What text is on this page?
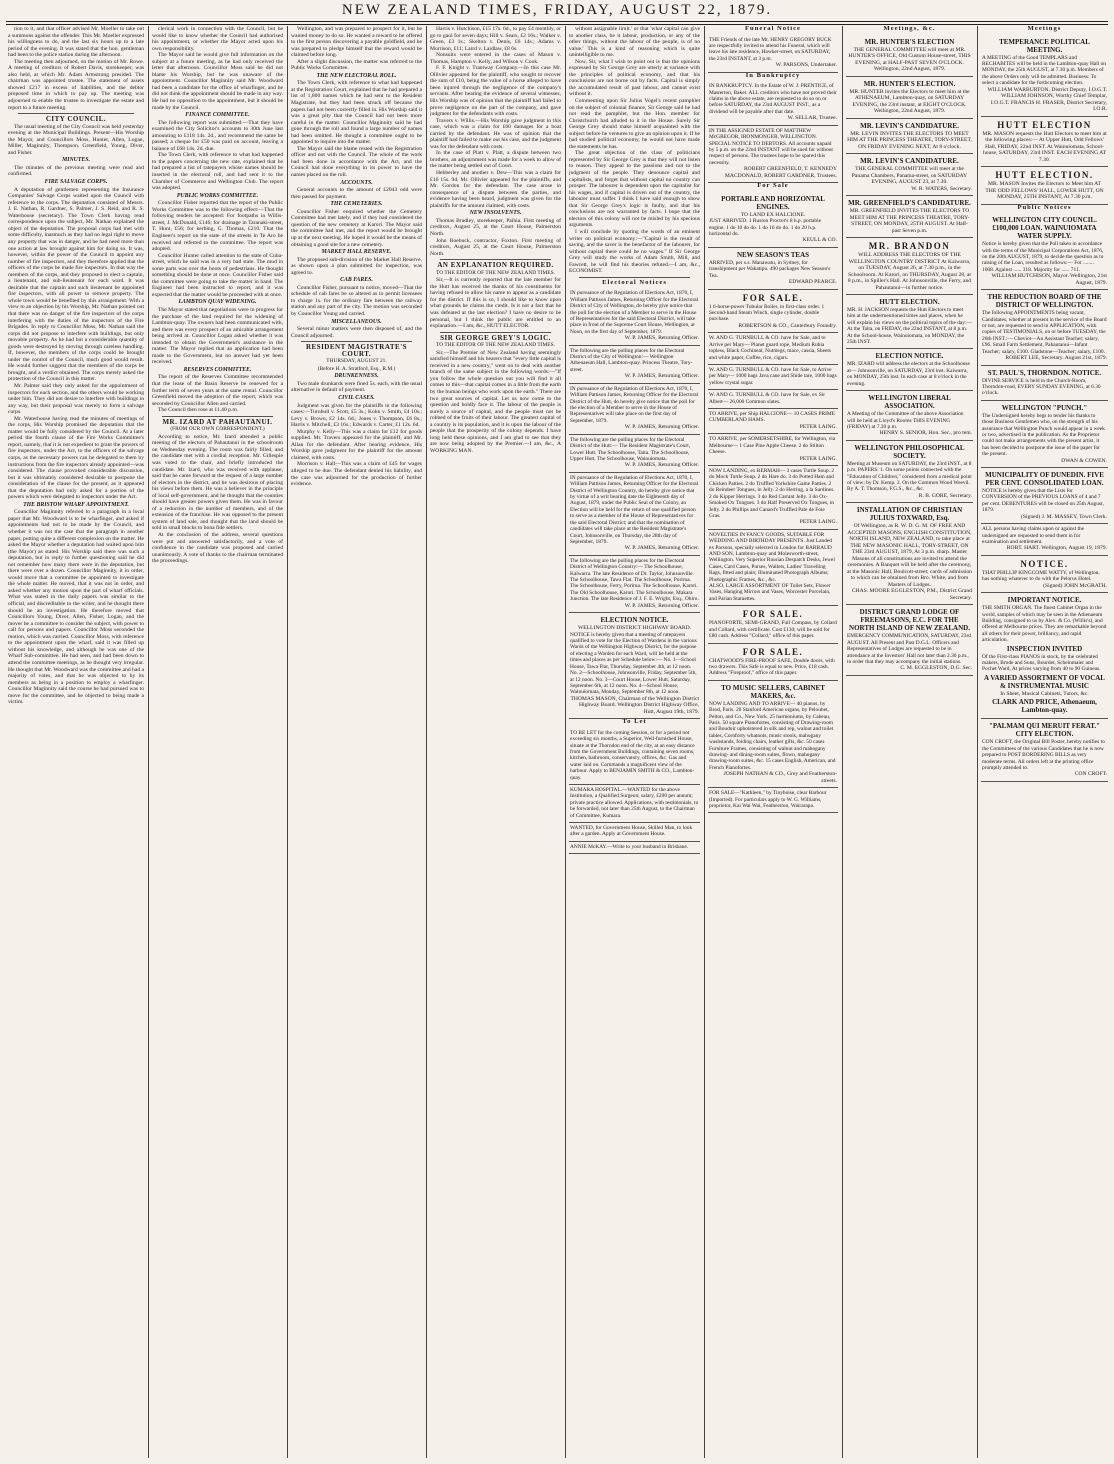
NEW ZEALAND TIMES, FRIDAY, AUGUST 22, 1879.

tion to it, and that officer advised Mr. Moeller to take out a summons against the offender. This Mr. Moeller expressed his willingness to do, and the last six hours up to a late period of the evening. It was stated that the hon. gentleman had been to the police station during the afternoon.

The meeting then adjourned, on the motion of Mr. Rowe. A meeting of creditors of Robert Davis, storekeeper, was also held, at which Mr. Adam Armstrong presided. The chairman was appointed trustee. The statement of assets showed £217 in excess of liabilities, and the debtor proposed time in which to pay up. The meeting was adjourned to enable the trustee to investigate the estate and report to a future meeting.

CITY COUNCIL.

The usual meeting of the City Council was held yesterday evening at the Municipal Buildings. Present—His Worship the Mayor, and Councillors Moss, Hunter, Allen, Logan, Miller, Maginnity, Thompson, Greenfield, Young, Diver, and Fisher.

MINUTES.

The minutes of the previous meeting were read and confirmed.

FIRE SALVAGE CORPS.

A deputation of gentlemen representing the Insurance Companies' Salvage Corps waited upon the Council with reference to the corps. The deputation consisted of Messrs. J. E. Nathan, R. Gardner, S. Palmer, J. S. Reid, and R. S. Waterhouse (secretary). The Town Clerk having read correspondence upon the subject, Mr. Nathan explained the object of the deputation. The proposal corps had met with some difficulty, inasmuch as they had no legal right to move any property that was in danger, and he had need more than one action at law brought against him for doing so. It was, however, within the power of the Council to appoint any number of fire inspectors, and they therefore applied that the officers of the corps be made fire inspectors. In that way the members of the corps, and they proposed to elect a captain, a lieutenant, and sub-lieutenant for each ward. It was desirable that the captain and such lieutenant be appointed fire inspectors, with all power to remove property. The whole town would be benefited by this arrangement. With a view to an objection by his Worship, Mr. Nathan pointed out that there was no danger of the fire inspectors of the corps interfering with the duties of the inspectors of the Fire Brigades. In reply to Councillor Moss, Mr. Nathan said the corps did not propose to interfere with buildings, but only movable property. As he had but a considerable quantity of goods were destroyed by moving through careless handling. If, however, the members of the corps could be brought under the control of the Council, much good would result. He would further suggest that the members of the corps be brought, and a verdict obtained. The corps merely asked the protection of the Council in this matter.

Mr. Palmer said they only asked for the appointment of inspectors for each section, and the others would be working under him. They did not desire to interfere with buildings in any way, but their proposal was merely to form a salvage corps.

Mr. Waterhouse having read the minutes of meetings of the corps, His Worship promised the deputation that the matter would be fully considered by the Council. At a later period the fourth clause of the Fire Works Committee's report, namely, that it is not expedient to grant the powers of fire inspectors, under the Act, to the officers of the salvage corps, as the necessary powers can be delegated to them by instructions from the fire inspectors already appointed—was considered. The clause provoked considerable discussion, but it was ultimately considered desirable to postpone the consideration of the clause for the present, as it appeared that the deputation had only asked for a portion of the powers which were delegated to inspectors under the Act.

THE BRISTOW WHARF APPOINTMENT.

Councillor Maginnity referred to a paragraph in a local paper that Mr. Woodward is to be wharfinger, and asked if appointments had not to be made by the Council, and whether it was not the case that the paragraph in another paper, putting quite a different complexion on the matter. He asked the Mayor whether a deputation had waited upon him (the Mayor) as stated. His Worship said there was such a deputation, but in reply to further questioning said he did not remember how many there were in the deputation, but there were over a dozen. Councillor Maginnity, it in order, would move that a committee be appointed to investigate the whole matter. He moved, that it was not in order, and asked whether any motion upon the part of wharf officials. What was stated in the daily papers was similar to the official, and discreditable to the writer, and he thought there should be an investigation. He therefore moved that Councillors Young, Diver, Allen, Fisher, Logan, and the mover be a committee to consider the subject, with power to call for persons and papers. Councillor Moss seconded the motion, which was carried. Councillor Moss, with reference to the appointment upon the wharf, said it was filled up without his knowledge, and although he was one of the Wharf Sub-committee. He had seen, and had been down to attend the committee meetings, as he thought very irregular. He thought that Mr. Woodward was the committee and had a majority of votes, and that he was objected to by its members as being in a position to employ a wharfinger. Councillor Maginnity said the course he had pursued was to move for the committee, and he objected to being made a victim.

clerical work in connection with the Council, but he would like to know whether the Council had authorised his appointment, or whether the Mayor acted upon his own responsibility.

The Mayor said he would give full information on the subject at a future meeting, as he had only received the letter that afternoon. Councillor Moss said he did not blame his Worship, but he was unaware of the appointment. Councillor Maginnity said Mr. Woodward had been a candidate for the office of wharfinger, and he did not think the appointment should be made in any way. He had no opposition to the appointment, but it should be made by the Council.

FINANCE COMMITTEE.

The following report was submitted:—That they have examined the City Solicitor's accounts to 30th June last amounting to £118 14s. 2d., and recommend the same be passed; a cheque for £50 was paid on account, leaving a balance of £68 14s. 2d. due.

The Town Clerk, with reference to what had happened to the papers concerning the new rate, explained that he had prepared a list of ratepayers whose names should be inserted in the electoral roll, and had sent it to the Chamber of Commerce and Wellington Club. The report was adopted.

PUBLIC WORKS COMMITTEE.

Councillor Fisher reported that the report of the Public Works Committee was to the following effect:—That the following tenders be accepted: For footpaths in Willis-street, J. McDonald, £146; for drainage in Taranaki-street, T. Hunt, £56; for kerbing, G. Thomas, £210. That the Engineer's report on the state of the streets in Te Aro be received and referred to the committee. The report was adopted.

Councillor Hunter called attention to the state of Cuba-street, which he said was in a very bad state. The mud in some parts was over the boots of pedestrians. He thought something should be done at once. Councillor Fisher said the committee were going to take the matter in hand. The Engineer had been instructed to report, and it was expected that the matter would be proceeded with at once.

LAMBTON QUAY WIDENING.

The Mayor stated that negotiations were in progress for the purchase of the land required for the widening of Lambton-quay. The owners had been communicated with, and there was every prospect of an amicable arrangement being arrived at. Councillor Logan asked whether it was intended to obtain the Government's assistance in the matter. The Mayor replied that an application had been made to the Government, but no answer had yet been received.

RESERVES COMMITTEE.

The report of the Reserves Committee recommended that the lease of the Basin Reserve be renewed for a further term of seven years at the same rental. Councillor Greenfield moved the adoption of the report, which was seconded by Councillor Allen and carried.

The Council then rose at 11.40 p.m.

MR. IZARD AT PAHAUTANUI.
(FROM OUR OWN CORRESPONDENT.)

According to notice, Mr. Izard attended a public meeting of the electors of Pahautanui in the schoolroom on Wednesday evening. The room was fairly filled, and the candidate met with a cordial reception. Mr. Gillespie was voted to the chair, and briefly introduced the candidate. Mr. Izard, who was received with applause, said that he came forward at the request of a large number of electors in the district, and he was desirous of placing his views before them. He was a believer in the principle of local self-government, and he thought that the counties should have greater powers given them. He was in favour of a reduction in the number of members, and of the extension of the franchise. He was opposed to the present system of land sale, and thought that the land should be sold in small blocks to bona fide settlers.

At the conclusion of the address, several questions were put and answered satisfactorily, and a vote of confidence in the candidate was proposed and carried unanimously. A vote of thanks to the chairman terminated the proceedings.

Wellington, and was prepared to prospect for it, but he wanted money to do so. He wanted a reward to be offered to the first person discovering a payable goldfield, and he was prepared to pledge himself that the reward would be claimed before long.

After a slight discussion, the matter was referred to the Public Works Committee.

THE NEW ELECTORAL ROLL.

The Town Clerk, with reference to what had happened at the Registration Court, explained that he had prepared a list of 1,800 names which he had sent to the Resident Magistrate, but they had been struck off because the papers had not been correctly filled in. His Worship said it was a great pity that the Council had not been more careful in the matter. Councillor Maginnity said he had gone through the roll and found a large number of names had been omitted. He thought a committee ought to be appointed to inquire into the matter.

The Mayor said the blame rested with the Registration officer and not with the Council. The whole of the work had been done in accordance with the Act, and the Council had done everything in its power to have the names placed on the roll.

ACCOUNTS.

General accounts to the amount of £2043 odd were then passed for payment.

THE CEMETERIES.

Councillor Fisher enquired whether the Cemetery Committee had met lately, and if they had considered the question of the new cemetery at Karori. The Mayor said the committee had met, and the report would be brought up at the next meeting. He hoped it would be the means of obtaining a good site for a new cemetery.

MARKET HALL RESERVE.

The proposed sub-division of the Market Hall Reserve, as shown upon a plan submitted for inspection, was agreed to.

CAB FARES.

Councillor Fisher, pursuant to notice, moved—That the schedule of cab fares be so altered as to permit licensees to charge 1s. for the ordinary fare between the railway station and any part of the city. The motion was seconded by Councillor Young and carried.

MISCELLANEOUS.

Several minor matters were then disposed of, and the Council adjourned.

RESIDENT MAGISTRATE'S COURT.
THURSDAY, AUGUST 21.
(Before H. A. Stratford, Esq., R.M.)
DRUNKENNESS.

Two male drunkards were fined 5s. each, with the usual alternative in default of payment.

CIVIL CASES.

Judgment was given for the plaintiffs in the following cases:—Turnbull v. Scott, £5 3s.; Kohn v. Smith, £4 10s.; Levy v. Brown, £2 14s. 6d.; Jones v. Thompson, £6 8s.; Harris v. Mitchell, £3 16s.; Edwards v. Carter, £1 12s. 6d.

Murphy v. Kelly—This was a claim for £12 for goods supplied. Mr. Travers appeared for the plaintiff, and Mr. Allan for the defendant. After hearing evidence, His Worship gave judgment for the plaintiff for the amount claimed, with costs.

Morrison v. Hall—This was a claim of £45 for wages alleged to be due. The defendant denied his liability, and the case was adjourned for the production of further evidence.

Harris v. Hutchison, £15 17s. 6d., to pay £4 monthly, or go to gaol for seven days; Hill v. Sears, £2 16s.; Walker v. Green, £3 1s.; Skelton v. Denis, £6 14s.; Adams v. Morrison, £11; Laird v. Laidlaw, £8 6s.

Nonsuits were entered in the cases of Mason v. Thomas, Hampton v. Kelly, and Wilson v. Cook.

F. F. Knight v. Tramway Company.—In this case Mr. Ollivier appeared for the plaintiff, who sought to recover the sum of £10, being the value of a horse alleged to have been injured through the negligence of the company's servants. After hearing the evidence of several witnesses, His Worship was of opinion that the plaintiff had failed to prove negligence on the part of the company, and gave judgment for the defendants with costs.

Travers v. Willis.—His Worship gave judgment in this case, which was a claim for £60 damages for a boat carried by the defendant. He was of opinion that the plaintiff had failed to make out his case, and the judgment was for the defendant with costs.

In the case of Platt v. Platt, a dispute between two brothers, an adjournment was made for a week to allow of the matter being settled out of Court.

Hebberley and another v. Dew—This was a claim for £16 15s. 9d. Mr. Ollivier appeared for the plaintiffs, and Mr. Gordon for the defendant. The case arose in consequence of a dispute between the parties, and evidence having been heard, judgment was given for the plaintiffs for the amount claimed, with costs.

NEW INSOLVENTS.

Thomas Bradley, storekeeper, Paihia. First meeting of creditors, August 25, at the Court House, Palmerston North.

John Roebuck, contractor, Foxton. First meeting of creditors, August 25, at the Court House, Palmerston North.

AN EXPLANATION REQUIRED.
TO THE EDITOR OF THE NEW ZEALAND TIMES.

Sir,—It is currently reported that the late member for the Hutt has received the thanks of his constituents for having refused to allow his name to appear as a candidate for the district. If this is so, I should like to know upon what grounds he claims the credit. Is it not a fact that he was defeated at the last election? I have no desire to be personal, but I think the public are entitled to an explanation.—I am, &c., HUTT ELECTOR.

SIR GEORGE GREY'S LOGIC.
TO THE EDITOR OF THE NEW ZEALAND TIMES.

Sir,—The Premier of New Zealand having seemingly satisfied himself and his hearers that "every little capital is received in a new country," went on to deal with another branch of the same subject in the following words:—"If you follow the whole question out you will find it all comes to this—that capital comes in a little from the earth by the human beings who work upon the earth." There are two great sources of capital. Let us now come to the question and boldly face it. The labour of the people is surely a source of capital, and the people must not be robbed of the fruits of their labour. The greatest capital of a country is its population, and it is upon the labour of the people that the prosperity of the colony depends. I have long held these opinions, and I am glad to see that they are now being adopted by the Premier.—I am, &c., A WORKING MAN.

without assignable limit.' or that 'what capital can give to another class, be it labour, production, or any of the other things, without the labour of the people, is of no value.' This is a kind of reasoning which is quite unintelligible to me.

Now, Sir, what I wish to point out is that the opinions expressed by Sir George Grey are utterly at variance with the principles of political economy, and that his conclusions are not borne out by facts. Capital is simply the accumulated result of past labour, and cannot exist without it.

Commenting upon Sir Julius Vogel's recent pamphlet on the subject of colonial finance, Sir George said he had not read the pamphlet, but the Hon. member for Christchurch had alluded to it in the House. Surely Sir George Grey should make himself acquainted with the subject before he ventures to give an opinion upon it. If he had studied political economy, he would not have made the statements he has.

The great objection of the class of politicians represented by Sir George Grey is that they will not listen to reason. They appeal to the passions and not to the judgment of the people. They denounce capital and capitalists, and forget that without capital no country can prosper. The labourer is dependent upon the capitalist for his wages, and if capital is driven out of the country, the labourer must suffer. I think I have said enough to show that Sir George Grey's logic is faulty, and that his conclusions are not warranted by facts. I hope that the electors of this colony will not be misled by his specious arguments.

I will conclude by quoting the words of an eminent writer on political economy:—"Capital is the result of saving, and the saver is the benefactor of the labourer, for without capital there could be no wages." If Sir George Grey will study the works of Adam Smith, Mill, and Fawcett, he will find his theories refuted.—I am, &c., ECONOMIST.

Electoral Notices
IN pursuance of the Regulation of Elections Act, 1870, I, William Pattison James, Returning Officer for the Electoral District of City of Wellington, do hereby give notice that the poll for the election of a Member to serve in the House of Representatives for the said Electoral District, will take place in front of the Supreme Court House, Wellington, at Noon, on the first day of September, 1879.
W. P. JAMES, Returning Officer.
The following are the polling places for the Electoral District of the City of Wellington:— Wellington Athenaeum Hall, Lambton-quay. Princess Theatre, Tory-street.
W. P. JAMES, Returning Officer.
IN pursuance of the Regulation of Elections Act, 1870, I, William Pattison James, Returning Officer for the Electoral District of the Hutt, do hereby give notice that the poll for the election of a Member to serve in the House of Representatives will take place on the first day of September, 1879.
W. P. JAMES, Returning Officer.
The following are the polling places for the Electoral District of the Hutt:— The Resident Magistrate's Court, Lower Hutt. The Schoolhouse, Taita. The Schoolhouse, Upper Hutt. The Schoolhouse, Wainuiomata.
W. P. JAMES, Returning Officer.
IN pursuance of the Regulation of Elections Act, 1870, I, William Pattison James, Returning Officer for the Electoral District of Wellington Country, do hereby give notice that by virtue of a writ bearing date the Eighteenth day of August, 1879, under the Public Seal of the Colony, an Election will be held for the return of one qualified person to serve as a member of the House of Representatives for the said Electoral District; and that the nomination of candidates will take place at the Resident Magistrate's Court, Johnsonville, on Thursday, the 28th day of September, 1879.
W. P. JAMES, Returning Officer.
The following are the polling places for the Electoral District of Wellington Country:— The Schoolhouse, Kaiwarra. The late Residence of Dr. Taylor, Johnsonville. The Schoolhouse, Tawa Flat. The Schoolhouse, Porirua. The Schoolhouse, Ferry, Porirua. The Schoolhouse, Karori. The Old Schoolhouse, Karori. The Schoolhouse, Makara Junction. The late Residence of J. F. E. Wright, Esq., Ohiro.
W. P. JAMES, Returning Officer.
ELECTION NOTICE.
WELLINGTON DISTRICT HIGHWAY BOARD.
NOTICE is hereby given that a meeting of ratepayers qualified to vote for the Election of Wardens in the various Wards of the Wellington Highway District, for the purpose of electing a Warden for each Ward, will be held at the times and places as per Schedule below:— No. 1—School House, Tawa Flat, Thursday, September 4th, at 12 noon. No. 2—Schoolhouse, Johnsonville, Friday, September 5th, at 12 noon. No. 3—Court House, Lower Hutt, Saturday, September 6th, at 12 noon. No. 4—School House, Wainuiomata, Monday, September 8th, at 12 noon.
THOMAS MASON, Chairman of the Wellington District Highway Board. Wellington District Highway Office, Hutt, August 19th, 1879.
To Let
TO BE LET for the coming Session, or for a period not exceeding six months, a Superior, Well-furnished House, situate at the Thorndon end of the city, at an easy distance from the Government Buildings, containing seven rooms, kitchen, bathroom, conservatory, offices, &c. Gas and water laid on. Commands a magnificent view of the harbour. Apply to BENJAMIN SMITH & CO., Lambton-quay.
KUMARA HOSPITAL.—WANTED for the above Institution, a Qualified Surgeon; salary, £200 per annum; private practice allowed. Applications, with testimonials, to be forwarded, not later than 25th August, to the Chairman of Committee, Kumara.
WANTED, for Government House, Skilled Man, to look after a garden. Apply at Government House.
ANNIE McKAY.—Write to your husband in Brisbane.
Funeral Notice
THE Friends of the late Mr. HENRY GREGORY BUCK are respectfully invited to attend his Funeral, which will leave his late residence, Hawker-street, on SATURDAY, the 23rd INSTANT, at 3 p.m.
W. PARSONS, Undertaker.
In Bankruptcy
IN BANKRUPTCY. In the Estate of W. J. PRENTICE, of Masterton, Baker. ALL creditors who have not proved their claims in the above estate, are requested to do so on or before SATURDAY, the 23rd AUGUST INST., as a dividend will be payable after that date.
W. SELLAR, Trustee.
IN THE ASSIGNED ESTATE OF MATTHEW McGREGOR, IRONMONGER, WELLINGTON. SPECIAL NOTICE TO DEBTORS. All accounts unpaid by 5 p.m. on the 22nd INSTANT will be sued for without respect of persons. The trustees hope to be spared this necessity.
ROBERT GREENFIELD, T. KENNEDY MACDONALD, ROBERT GARDNER, Trustees.
For Sale
PORTABLE AND HORIZONTAL ENGINES.
TO LAND EX HALCIONE.
JUST ARRIVED. 1 Ruston Proctor's 8 h.p. portable engine. 1 do 10 do do. 1 do 16 do do. 1 do 20 h.p. horizontal do.
KEULL & CO.
NEW SEASON'S TEAS
ARRIVED, per s.s. Manawatu, in Sydney, for transhipment per Wakatipu. 490 packages New Season's Tea.
EDWARD PEARCE.
FOR SALE.
1 6-horse-power Tubular Boiler, in first-class order. 1 Second-hand Steam Winch, single cylinder, double purchase.
ROBERTSON & CO., Canterbury Foundry.
W. AND G. TURNBULL & CO. have for Sale, and to Arrive per Mary— Planet guard rope, Medium Rubia topless, Black Cochineal, Nutmegs, mace, cassia, Sheets and white paper, Coffee, rice, cigars.
W. AND G. TURNBULL & CO. have for Sale, to Arrive per Mary— 1000 bags Java cane and Shide tare, 1000 bags yellow crystal sugar.
W. AND G. TURNBULL & CO. have for Sale, ex Sir Albert— 26,000 Common slates.
TO ARRIVE, per Ship HALCIONE— 10 CASES PRIME CUMBERLAND HAMS.
PETER LAING.
TO ARRIVE, per SOMERSETSHIRE, for Wellington, via Melbourne— 1 Case Pine Apple Cheese. 2 do Stilton Cheese.
PETER LAING.
NOW LANDING, ex BERMAH— 3 cases Turtle Soup. 2 do Mock Turtle Soup. 2 do Hare do. 3 do Potted Ham and Chicken Patties. 2 do Truffled Yorkshire Game Patties. 2 do Reindeer Tongues, in Jelly. 2 do Herring, a la Sardines. 2 do Kipper Herrings. 3 do Red Carrant Jelly. 3 do Ox-Smoked Ox Tongues. 3 do Half Preserved Ox Tongues, in Jelly. 2 do Phillips and Canard's Truffled Pate de Foie Gras.
PETER LAING.
NOVELTIES IN FANCY GOODS, SUITABLE FOR WEDDING AND BIRTHDAY PRESENTS. Just Landed ex Parsons, specially selected in London for BARRAUD AND SON, Lambton-quay and Molesworth-street, Wellington. Very Superior Russian Despatch Desks, Jewel Cases, Card Cases, Purses, Wallets, Ladies' Travelling Bags, fitted and plain; Illuminated Photograph Albums; Photographic Frames, &c., &c.
ALSO, LARGE ASSORTMENT OF Toilet Sets, Flower Vases, Hanging Mirrors and Vases, Worcester Porcelain, and Parian Statuettes.
FOR SALE.
PIANOFORTE, SEMI-GRAND, Full Compass, by Collard and Collard, with certificate. Cost £130; will be sold for £80 cash. Address "Collard," office of this paper.
FOR SALE.
CHATWOOD'S FIRE-PROOF SAFE, Double doors, with two drawers. This Safe is equal to new. Price, £18 cash. Address "Fireproof," office of this paper.
TO MUSIC SELLERS, CABINET MAKERS, &c.
NOW LANDING AND TO ARRIVE— 40 pianos, by Brod, Paris. 20 Stanford American organs, by Peloubet, Pelton, and Co., New York. 25 harmoniums, by Cabeau, Paris. 50 square Pianofortes, consisting of Drawing-room and Boudoir upholstered in silk and rep, walnut and toilet tables, Cornforty whatnots, music stools, mahogany washstands, folding chairs, leather gifts, &c. 50 cases Furniture Frames, consisting of walnut and mahogany drawing- and dining-room suites, flown, mahogany drawing-room suites, &c. 15 cases English, American, and French Pianofortes.
JOSEPH NATHAN & CO., Grey and Featherston-streets.
FOR SALE—"Kathleen," by Tinyboise, clear Barbour (Imported). For particulars apply to W. G. Williams, proprietor, Kai Wai Wai, Featherston, Wairarapa.
Meetings, &c.
MR. HUNTER'S ELECTION
THE GENERAL COMMITTEE will meet at MR. HUNTER'S OFFICE, Old Custom House-street, THIS EVENING, at HALF-PAST SEVEN O'CLOCK.
Wellington, 22nd August, 1879.
MR. HUNTER'S ELECTION.
MR. HUNTER invites the Electors to meet him at the ATHENAEUM, Lambton-quay, on SATURDAY EVENING, the 23rd instant, at EIGHT O'CLOCK.
Wellington, 22nd August, 1879.
MR. LEVIN'S CANDIDATURE.
MR. LEVIN INVITES THE ELECTORS TO MEET HIM AT THE PRINCESS THEATRE, TORY-STREET, ON FRIDAY EVENING NEXT, At 8 o'clock.
MR. LEVIN'S CANDIDATURE.
THE GENERAL COMMITTEE will meet at the Panama Chambers, Panama-street, on SATURDAY EVENING, AUGUST 23, at 7.30.
W. R. WATERS, Secretary.
MR. GREENFIELD'S CANDIDATURE.
MR. GREENFIELD INVITES THE ELECTORS TO MEET HIM AT THE PRINCESS THEATRE, TORY-STREET, ON MONDAY, 25TH AUGUST. At Half-past Seven p.m.
MR. BRANDON
WILL ADDRESS THE ELECTORS OF THE WELLINGTON COUNTRY DISTRICT At Kaiwarra, on TUESDAY, August 26, at 7.30 p.m., in the Schoolroom. At Karori, on THURSDAY, August 28, at 8 p.m., in Spiller's Hall. At Johnsonville, the Ferry, and Pahautanui—in further notice.
HUTT ELECTION.
MR. H. JACKSON requests the Hutt Electors to meet him at the undermentioned times and places, when he will explain his views on the political topics of the day:— At the Taita, on FRIDAY, the 22nd INSTANT, at 8 p.m. At the School-house, Wainuiomata, on MONDAY, the 25th INST.
ELECTION NOTICE.
MR. IZARD will address the electors at the Schoolhouse at— Johnsonville, on SATURDAY, 23rd inst. Kaiwarra, on MONDAY, 25th inst. In each case at 8 o'clock in the evening.
WELLINGTON LIBERAL ASSOCIATION.
A Meeting of the Committee of the above Association will be held at Lloyd's Rooms THIS EVENING (FRIDAY) at 7.30 p.m.
HENRY S. SENIOR, Hon. Sec., pro tem.
WELLINGTON PHILOSOPHICAL SOCIETY.
Meeting at Museum on SATURDAY, the 23rd INST., at 8 p.m. PAPERS: 1. On some points connected with the "Education of Children," considered from a medical point of view; by Dr. Kemp. 2. On the Common Wood Weevil. By A. T. Thomson, F.G.S., &c., &c.
R. B. GORE, Secretary.
INSTALLATION OF CHRISTIAN JULIUS TOXWARD, Esq.
Of Wellington, as R. W. D. G. M. OF FREE AND ACCEPTED MASONS, ENGLISH CONSTITUTION, NORTH ISLAND, NEW ZEALAND, to take place at THE NEW MASONIC HALL, TORY-STREET, ON THE 23rd AUGUST, 1879, At 3 p.m. sharp. Master Masons of all constitutions are invited to attend the ceremonies. A Banquet will be held after the ceremony, at the Masonic Hall, Boulcott-street; cards of admission to which can be obtained from Bro. White, and from Masters of Lodges.
CHAS. MOORE EGGLESTON, P.M., District Grand Secretary.
DISTRICT GRAND LODGE OF FREEMASONS, E.C. FOR THE NORTH ISLAND OF NEW ZEALAND.
EMERGENCY COMMUNICATION, SATURDAY, 23rd AUGUST. All Present and Past D.G.L. Officers and Representatives of Lodges are requested to be in attendance at the Investors' Hall not later than 2.30 p.m., in order that they may accompany the initial stations.
C. M. EGGLESTON, D.G. Sec.
Meetings
TEMPERANCE POLITICAL MEETING.
A MEETING of the Good TEMPLARS and RECHABITES will be held in the Lambton-quay Hall on MONDAY, the 25th AUGUST, at 7.30 p.m. Members of the above Orders only will be admitted. Business: To select a candidate for the forthcoming election.
WILLIAM WARBURTON, District Deputy, I.O.G.T. WILLIAM JOHNSON, Worthy Chief Templar, I.O.G.T. FRANCIS H. FRASER, District Secretary, I.O.R.
HUTT ELECTION
MR. MASON requests the Hutt Electors to meet him at the following places:— At Upper Hutt, Odd Fellows' Hall, FRIDAY, 22nd INST. At Wainuiomata, School-house, SATURDAY, 23rd INST. EACH EVENING AT 7.30.
HUTT ELECTION.
MR. MASON Invites the Electors to Meet him AT THE ODD FELLOWS' HALL, LOWER HUTT, ON MONDAY, 25TH INSTANT, At 7.30 p.m.
Public Notices
WELLINGTON CITY COUNCIL. £100,000 LOAN. WAINUIOMATA WATER SUPPLY.
Notice is hereby given that the Poll taken in accordance with the terms of the Municipal Corporations Act, 1876, on the 20th AUGUST, 1879, to decide the question as to raising of the Loan, resulted as follows:— For ........ 1008. Against ...... 318. Majority for ...... 711.
WILLIAM HUTCHISON, Mayor. Wellington, 21st August, 1879.
THE REDUCTION BOARD OF THE DISTRICT OF WELLINGTON.
The following APPOINTMENTS being vacant, Candidates, whether at present in the service of the Board or not, are requested to send in APPLICATION, with copies of TESTIMONIALS, on or before TUESDAY, the 26th INST.:— Cheviot—An Assistant Teacher; salary, £96. Small Farm Settlement, Pahautanui—Infant Teacher; salary, £100. Gladstone—Teacher; salary, £100.
ROBERT LEE, Secretary. August 21st, 1879.
ST. PAUL'S, THORNDON. NOTICE.
DIVINE SERVICE is held in the Church-Room, Thorndon-road, EVERY SUNDAY EVENING, at 6.30 o'clock.
WELLINGTON "PUNCH."
The Undersigned hereby begs to tender his thanks to those Business Gentlemen who, on the strength of his assurance that Wellington Punch would appear in a week or two, advertised in the publication. As the Proprietor could not make arrangements with the present artist, it has been decided to postpone the issue of the paper for the present.
DWAN & COWEN.
MUNICIPALITY OF DUNEDIN. FIVE PER CENT. CONSOLIDATED LOAN.
NOTICE is hereby given that the Lists for CONVERSION of the PREVIOUS LOANS of 4 and 7 per cent. DEBENTURES will be closed on 25th August, 1879.
(Signed) J. M. MASSEY, Town Clerk.
ALL persons having claims upon or against the undersigned are requested to send them in for examination and settlement.
ROBT. HART. Wellington, August 19, 1879.
NOTICE.
THAT PHILLIP KINGCOME WATTY, of Wellington, has nothing whatever to do with the Pelorus Hotel.
(Signed) JOHN McGRATH.
IMPORTANT NOTICE.
THE SMITH ORGAN. The finest Cabinet Organ in the world, samples of which may be seen in the Athenaeum Building, consigned to us by Alex. & Co. (Willis's), and offered at Melbourne prices. They are remarkable beyond all others for their power, brilliancy, and rapid articulation.
INSPECTION INVITED
Of the First-class PIANOS in stock, by the celebrated makers, Brode and Sons, Bourdet, Scheinmaier and Pochet Ward, At prices varying from 40 to 90 Guineas.
A VARIED ASSORTMENT OF VOCAL & INSTRUMENTAL MUSIC
In Sheet, Musical Cabinets, Tutors, &c.
CLARK AND PRICE, Athenaeum, Lambton-quay.
"PALMAM QUI MERUIT FERAT." CITY ELECTION.
CON CROFT, the Original Bill Poster, hereby notifies to the Committees of the various Candidates that he is now prepared to POST BORDERING BILLS as very moderate terms. All orders left at the printing office promptly attended to.
CON CROFT.
